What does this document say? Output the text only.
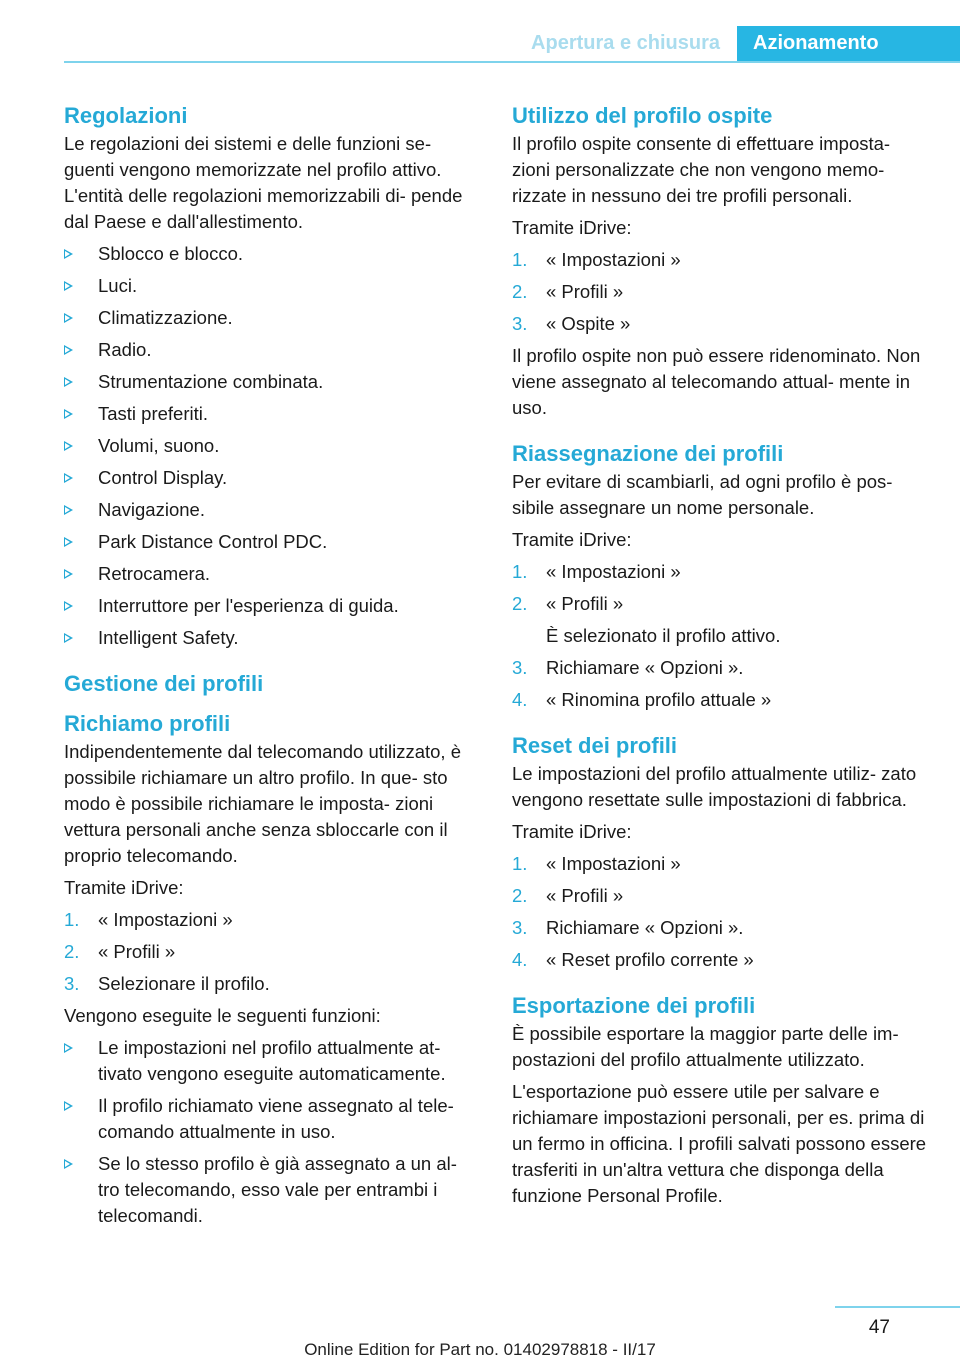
Apertura e chiusura	Azionamento
Regolazioni

Le regolazioni dei sistemi e delle funzioni se- guenti vengono memorizzate nel profilo attivo. L'entità delle regolazioni memorizzabili di- pende dal Paese e dall'allestimento.

Sblocco e blocco.
Luci.
Climatizzazione.
Radio.
Strumentazione combinata.
Tasti preferiti.
Volumi, suono.
Control Display.
Navigazione.
Park Distance Control PDC.
Retrocamera.
Interruttore per l'esperienza di guida.
Intelligent Safety.
Gestione dei profili
Richiamo profili

Indipendentemente dal telecomando utilizzato, è possibile richiamare un altro profilo. In que- sto modo è possibile richiamare le imposta- zioni vettura personali anche senza sbloccarle con il proprio telecomando.

Tramite iDrive:

1. « Impostazioni »
2. « Profili »
3. Selezionare il profilo.

Vengono eseguite le seguenti funzioni:

Le impostazioni nel profilo attualmente at- tivato vengono eseguite automaticamente.
Il profilo richiamato viene assegnato al tele- comando attualmente in uso.
Se lo stesso profilo è già assegnato a un al- tro telecomando, esso vale per entrambi i telecomandi.
Utilizzo del profilo ospite

Il profilo ospite consente di effettuare imposta- zioni personalizzate che non vengono memo- rizzate in nessuno dei tre profili personali.

Tramite iDrive:

1. « Impostazioni »
2. « Profili »
3. « Ospite »

Il profilo ospite non può essere ridenominato. Non viene assegnato al telecomando attual- mente in uso.

Riassegnazione dei profili

Per evitare di scambiarli, ad ogni profilo è pos- sibile assegnare un nome personale.

Tramite iDrive:

1. « Impostazioni »
2. « Profili »
È selezionato il profilo attivo.
3. Richiamare « Opzioni ».
4. « Rinomina profilo attuale »
Reset dei profili

Le impostazioni del profilo attualmente utiliz- zato vengono resettate sulle impostazioni di fabbrica.

Tramite iDrive:

1. « Impostazioni »
2. « Profili »
3. Richiamare « Opzioni ».
4. « Reset profilo corrente »
Esportazione dei profili

È possibile esportare la maggior parte delle im- postazioni del profilo attualmente utilizzato.

L'esportazione può essere utile per salvare e richiamare impostazioni personali, per es. prima di un fermo in officina. I profili salvati possono essere trasferiti in un'altra vettura che disponga della funzione Personal Profile.

47
Online Edition for Part no. 01402978818 - II/17
